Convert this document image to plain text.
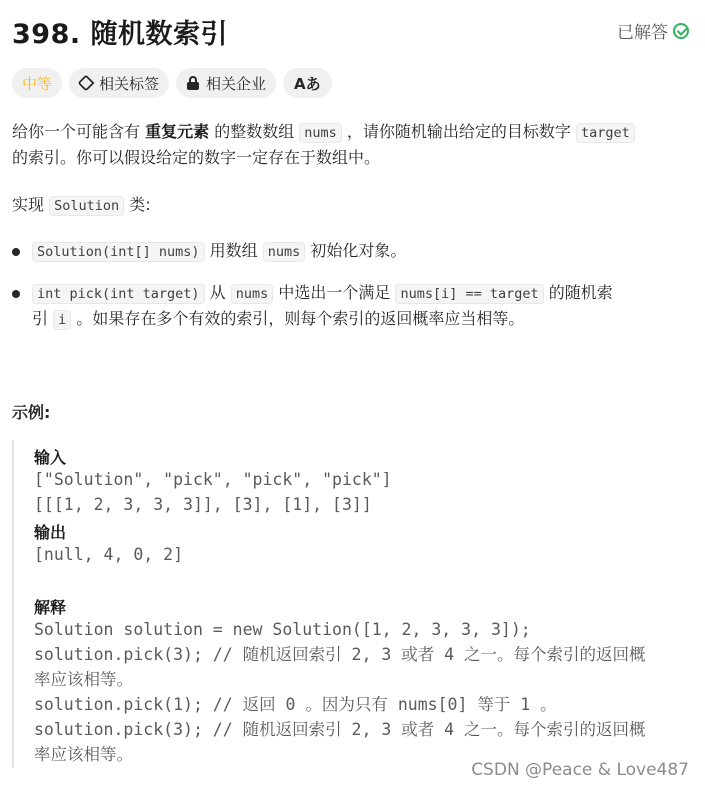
398. 随机数索引	已解答
中等	相关标签	相关企业 Aあ
给你一个可能含有 重复元素 的整数数组 nums ，请你随机输出给定的目标数字 target
的索引。你可以假设给定的数字一定存在于数组中。
实现 Solution 类:
Solution(int[] nums) 用数组 nums 初始化对象。
int pick(int target) 从 nums 中选出一个满足 nums[i] == target 的随机索
引 i 。如果存在多个有效的索引，则每个索引的返回概率应当相等。
示例:
输入
["Solution", "pick", "pick", "pick"]
[[[1, 2, 3, 3, 3]], [3], [1], [3]]
输出
[null, 4, 0, 2]
解释
Solution solution = new Solution([1, 2, 3, 3, 3]);
solution.pick(3); // 随机返回索引 2, 3 或者 4 之一。每个索引的返回概
率应该相等。
solution.pick(1); // 返回 0 。因为只有 nums[0] 等于 1 。
solution.pick(3); // 随机返回索引 2, 3 或者 4 之一。每个索引的返回概
率应该相等。
CSDN @Peace & Love487
